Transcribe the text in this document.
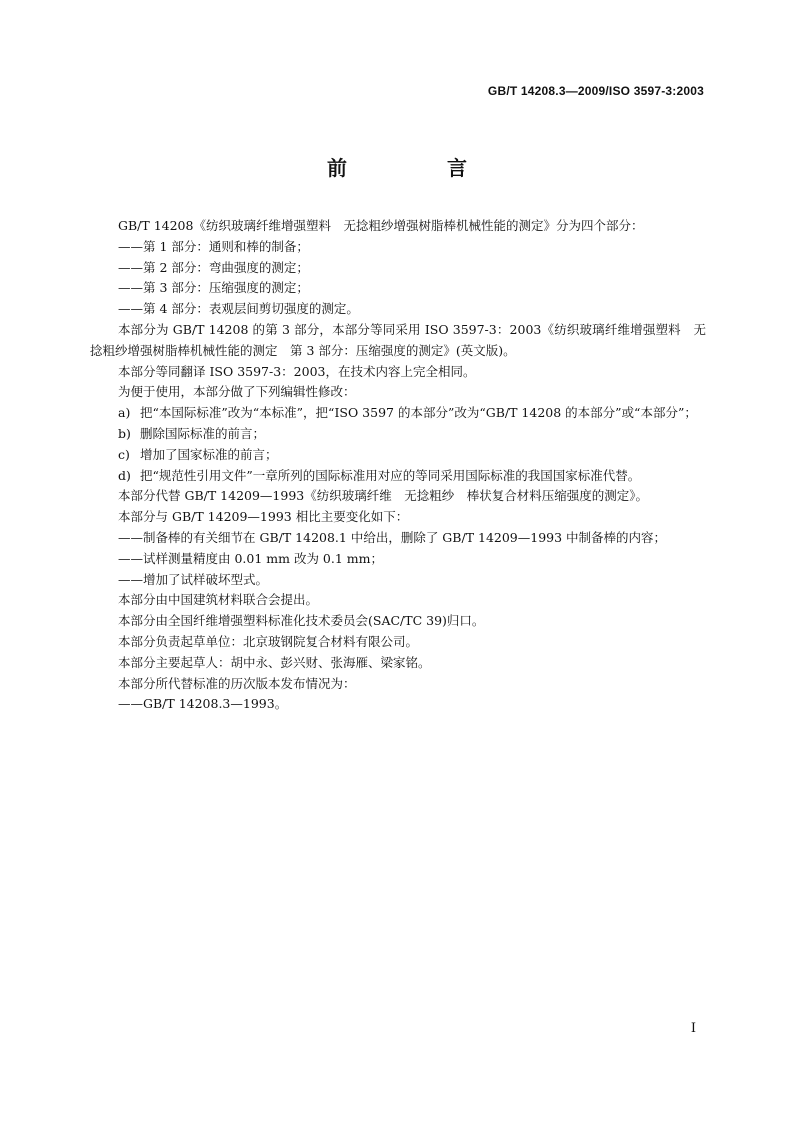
GB/T 14208.3—2009/ISO 3597-3:2003
前　言

GB/T 14208《纺织玻璃纤维增强塑料　无捻粗纱增强树脂棒机械性能的测定》分为四个部分：

——第 1 部分：通则和棒的制备；

——第 2 部分：弯曲强度的测定；

——第 3 部分：压缩强度的测定；

——第 4 部分：表观层间剪切强度的测定。

本部分为 GB/T 14208 的第 3 部分，本部分等同采用 ISO 3597-3：2003《纺织玻璃纤维增强塑料　无捻粗纱增强树脂棒机械性能的测定　第 3 部分：压缩强度的测定》(英文版)。

本部分等同翻译 ISO 3597-3：2003，在技术内容上完全相同。

为便于使用，本部分做了下列编辑性修改：

a) 把“本国际标准”改为“本标准”，把“ISO 3597 的本部分”改为“GB/T 14208 的本部分”或“本部分”；
b) 删除国际标准的前言；
c) 增加了国家标准的前言；
d) 把“规范性引用文件”一章所列的国际标准用对应的等同采用国际标准的我国国家标准代替。

本部分代替 GB/T 14209—1993《纺织玻璃纤维　无捻粗纱　棒状复合材料压缩强度的测定》。

本部分与 GB/T 14209—1993 相比主要变化如下：

——制备棒的有关细节在 GB/T 14208.1 中给出，删除了 GB/T 14209—1993 中制备棒的内容；

——试样测量精度由 0.01 mm 改为 0.1 mm；

——增加了试样破坏型式。

本部分由中国建筑材料联合会提出。

本部分由全国纤维增强塑料标准化技术委员会(SAC/TC 39)归口。

本部分负责起草单位：北京玻钢院复合材料有限公司。

本部分主要起草人：胡中永、彭兴财、张海雁、梁家铭。

本部分所代替标准的历次版本发布情况为：

——GB/T 14208.3—1993。

I
